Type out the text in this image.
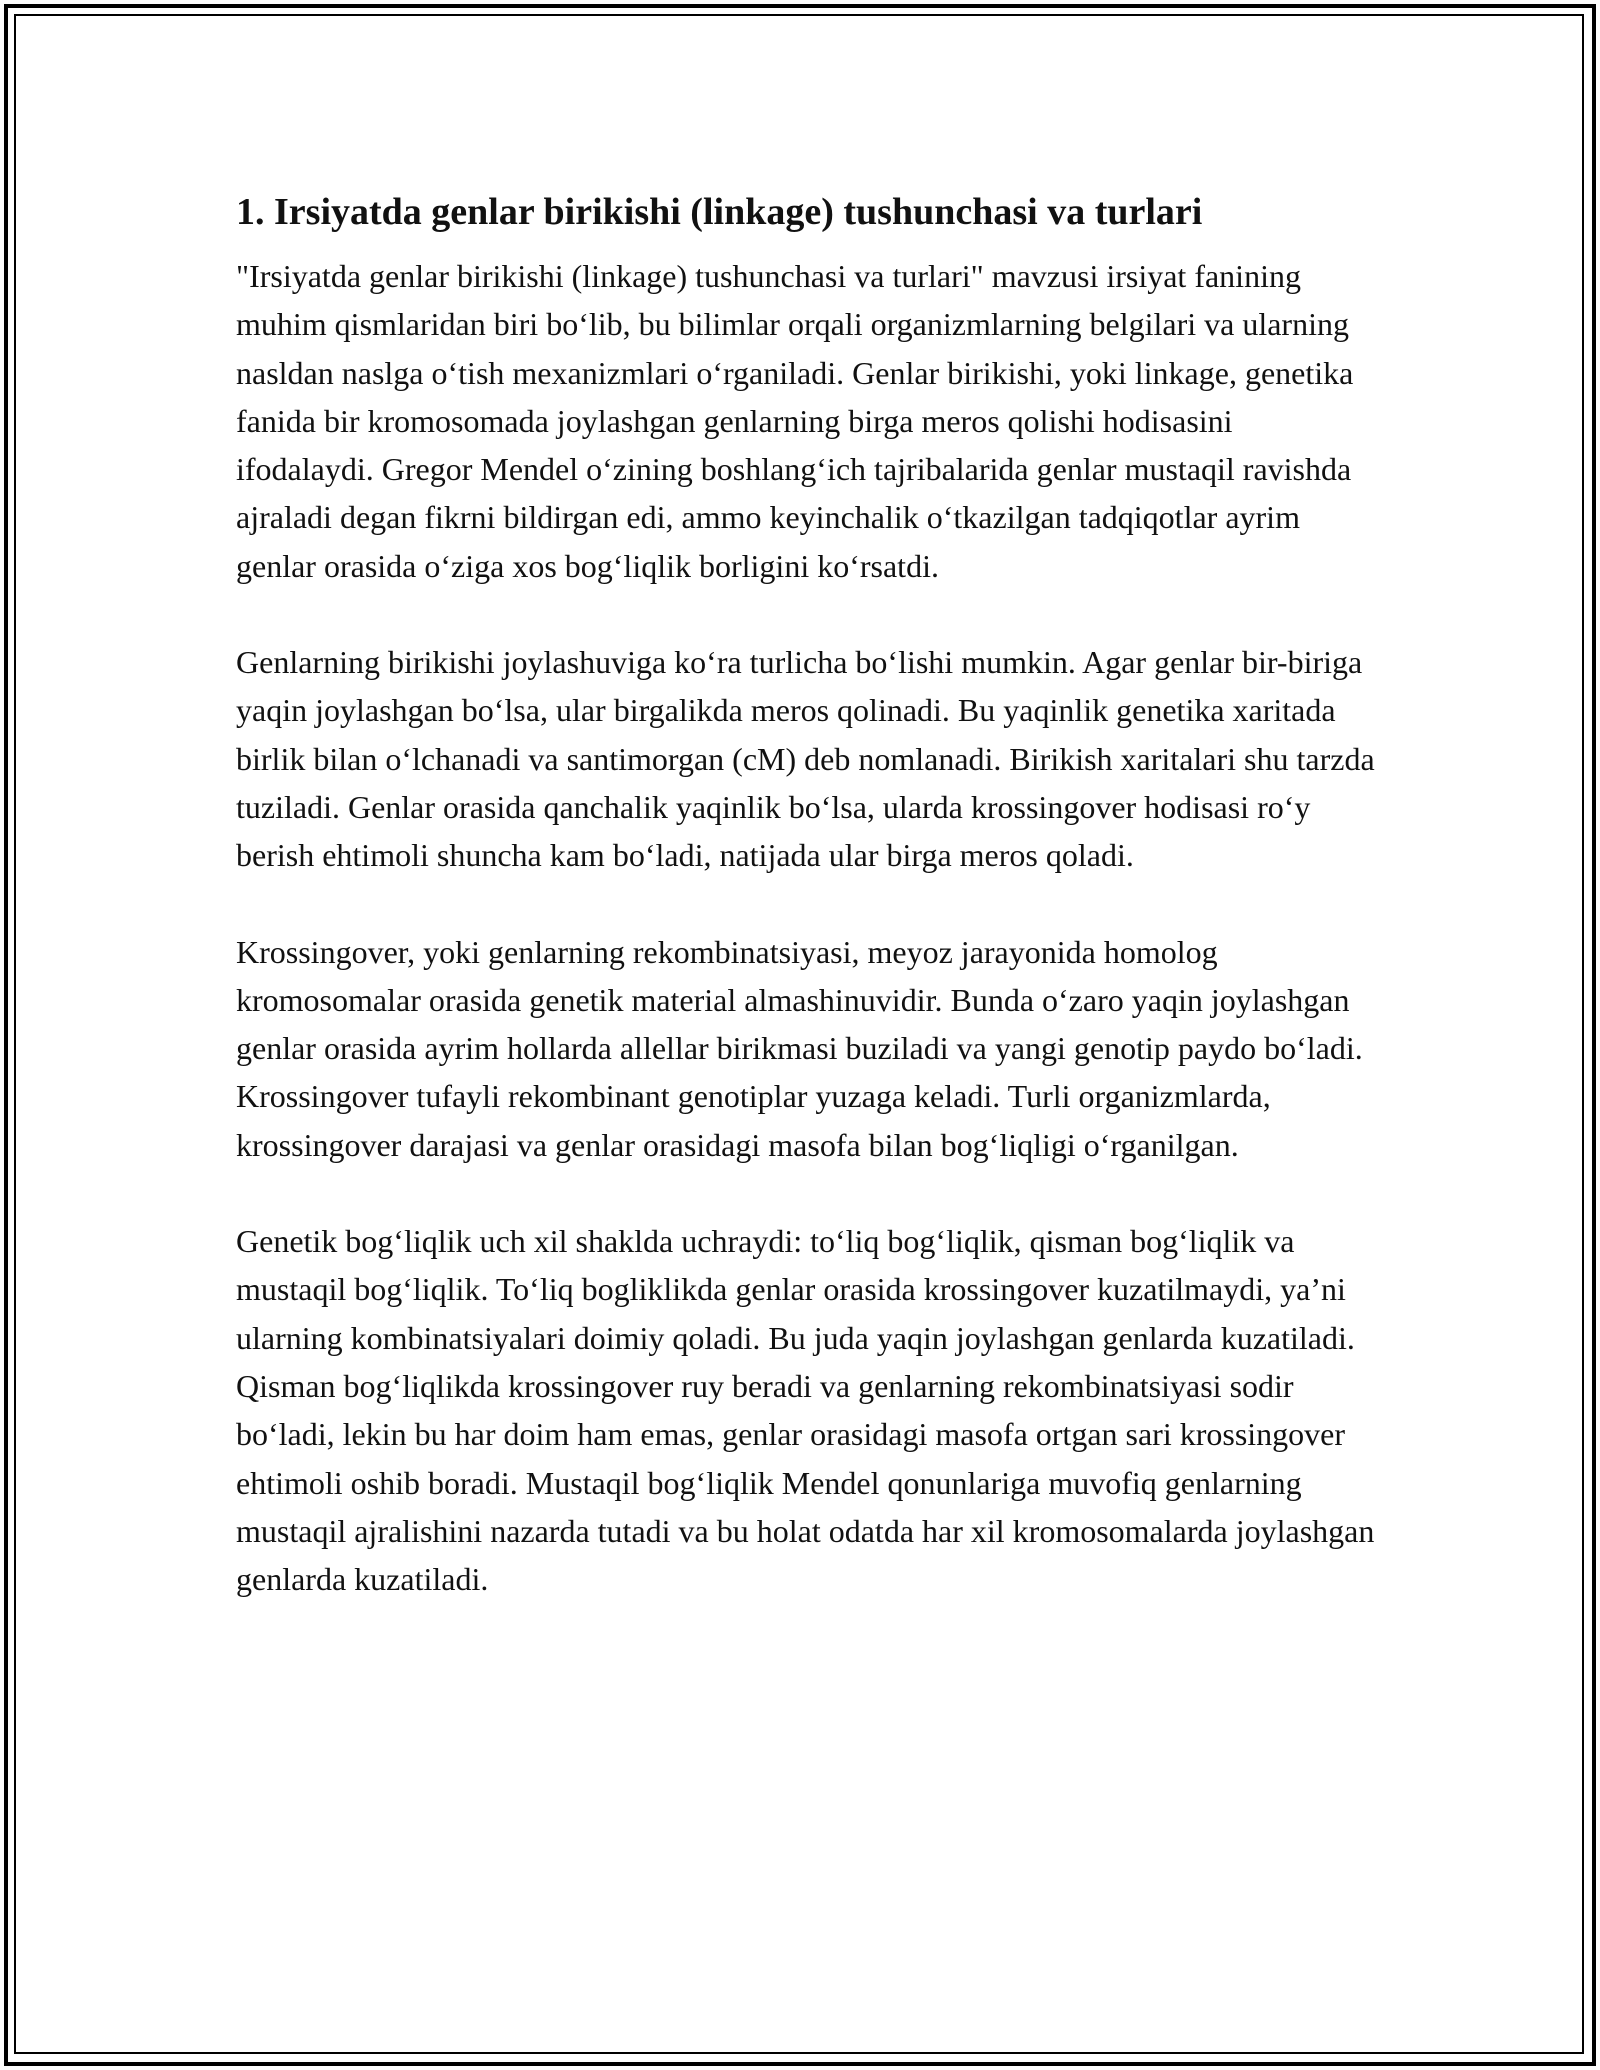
1. Irsiyatda genlar birikishi (linkage) tushunchasi va turlari

"Irsiyatda genlar birikishi (linkage) tushunchasi va turlari" mavzusi irsiyat fanining muhim qismlaridan biri boʻlib, bu bilimlar orqali organizmlarning belgilari va ularning nasldan naslga oʻtish mexanizmlari oʻrganiladi. Genlar birikishi, yoki linkage, genetika fanida bir kromosomada joylashgan genlarning birga meros qolishi hodisasini ifodalaydi. Gregor Mendel oʻzining boshlangʻich tajribalarida genlar mustaqil ravishda ajraladi degan fikrni bildirgan edi, ammo keyinchalik oʻtkazilgan tadqiqotlar ayrim genlar orasida oʻziga xos bogʻliqlik borligini koʻrsatdi.

Genlarning birikishi joylashuviga koʻra turlicha boʻlishi mumkin. Agar genlar bir-biriga yaqin joylashgan boʻlsa, ular birgalikda meros qolinadi. Bu yaqinlik genetika xaritada birlik bilan oʻlchanadi va santimorgan (cM) deb nomlanadi. Birikish xaritalari shu tarzda tuziladi. Genlar orasida qanchalik yaqinlik boʻlsa, ularda krossingover hodisasi roʻy berish ehtimoli shuncha kam boʻladi, natijada ular birga meros qoladi.

Krossingover, yoki genlarning rekombinatsiyasi, meyoz jarayonida homolog kromosomalar orasida genetik material almashinuvidir. Bunda oʻzaro yaqin joylashgan genlar orasida ayrim hollarda allellar birikmasi buziladi va yangi genotip paydo boʻladi. Krossingover tufayli rekombinant genotiplar yuzaga keladi. Turli organizmlarda, krossingover darajasi va genlar orasidagi masofa bilan bogʻliqligi oʻrganilgan.

Genetik bogʻliqlik uch xil shaklda uchraydi: toʻliq bogʻliqlik, qisman bogʻliqlik va mustaqil bogʻliqlik. Toʻliq bogliklikda genlar orasida krossingover kuzatilmaydi, yaʼni ularning kombinatsiyalari doimiy qoladi. Bu juda yaqin joylashgan genlarda kuzatiladi. Qisman bogʻliqlikda krossingover ruy beradi va genlarning rekombinatsiyasi sodir boʻladi, lekin bu har doim ham emas, genlar orasidagi masofa ortgan sari krossingover ehtimoli oshib boradi. Mustaqil bogʻliqlik Mendel qonunlariga muvofiq genlarning mustaqil ajralishini nazarda tutadi va bu holat odatda har xil kromosomalarda joylashgan genlarda kuzatiladi.
